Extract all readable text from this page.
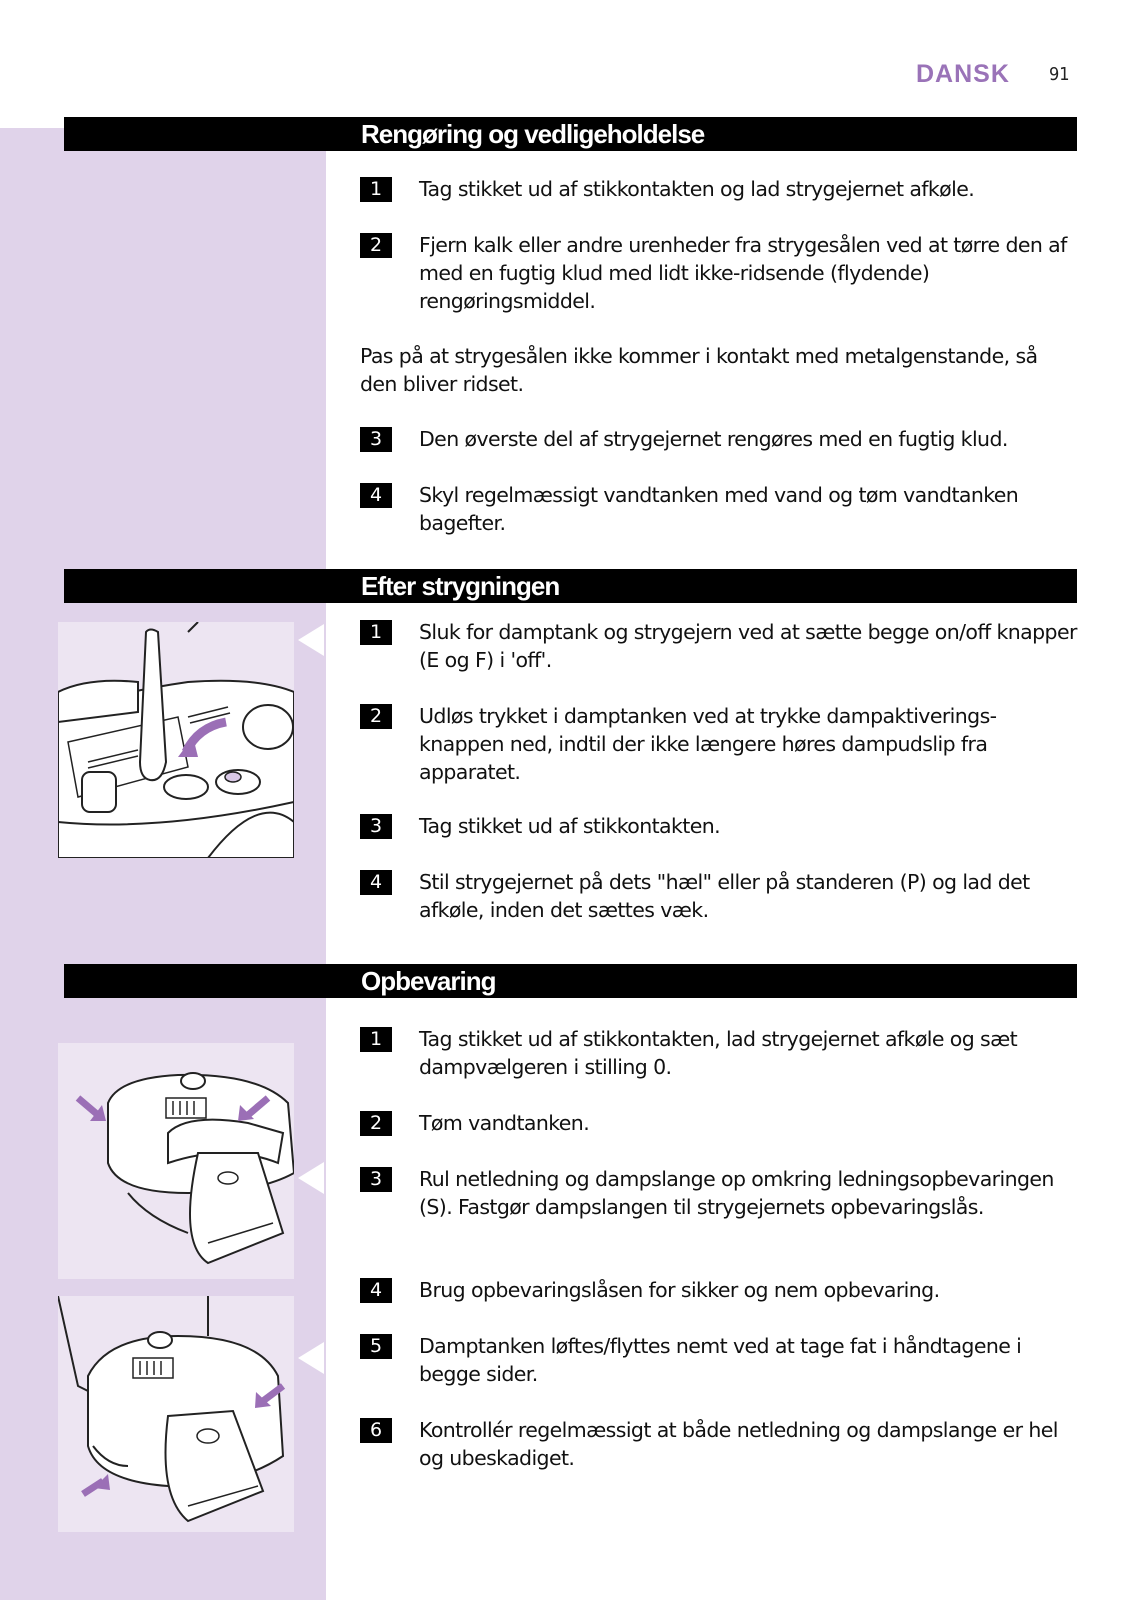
DANSK 91
Rengøring og vedligeholdelse
1	Tag stikket ud af stikkontakten og lad strygejernet afkøle.
2	Fjern kalk eller andre urenheder fra strygesålen ved at tørre den af med en fugtig klud med lidt ikke-ridsende (flydende) rengøringsmiddel.
Pas på at strygesålen ikke kommer i kontakt med metalgenstande, så den bliver ridset.
3	Den øverste del af strygejernet rengøres med en fugtig klud.
4	Skyl regelmæssigt vandtanken med vand og tøm vandtanken bagefter.
Efter strygningen
1	Sluk for damptank og strygejern ved at sætte begge on/off knapper (E og F) i 'off'.
2	Udløs trykket i damptanken ved at trykke dampaktiverings-knappen ned, indtil der ikke længere høres dampudslip fra apparatet.
3	Tag stikket ud af stikkontakten.
4	Stil strygejernet på dets "hæl" eller på standeren (P) og lad det afkøle, inden det sættes væk.
Opbevaring
1	Tag stikket ud af stikkontakten, lad strygejernet afkøle og sæt dampvælgeren i stilling 0.
2	Tøm vandtanken.
3	Rul netledning og dampslange op omkring ledningsopbevaringen (S). Fastgør dampslangen til strygejernets opbevaringslås.
4	Brug opbevaringslåsen for sikker og nem opbevaring.
5	Damptanken løftes/flyttes nemt ved at tage fat i håndtagene i begge sider.
6	Kontrollér regelmæssigt at både netledning og dampslange er hel og ubeskadiget.
